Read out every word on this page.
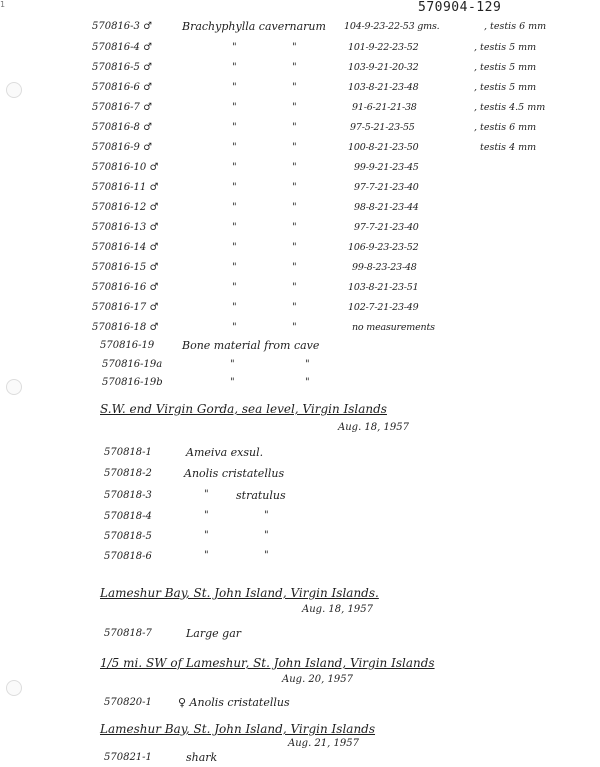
1	570904-129
570816-3 ♂	Brachyphylla cavernarum 104-9-23-22-53 gms.	, testis 6 mm
570816-4 ♂	"	"	101-9-22-23-52	, testis 5 mm
570816-5 ♂	"	"	103-9-21-20-32	, testis 5 mm
570816-6 ♂	"	"	103-8-21-23-48	, testis 5 mm
570816-7 ♂	"	"	91-6-21-21-38	, testis 4.5 mm
570816-8 ♂	"	"	97-5-21-23-55	, testis 6 mm
570816-9 ♂	"	"	100-8-21-23-50	testis 4 mm
570816-10 ♂	"	"	99-9-21-23-45
570816-11 ♂	"	"	97-7-21-23-40
570816-12 ♂	"	"	98-8-21-23-44
570816-13 ♂	"	"	97-7-21-23-40
570816-14 ♂	"	"	106-9-23-23-52
570816-15 ♂	"	"	99-8-23-23-48
570816-16 ♂	"	"	103-8-21-23-51
570816-17 ♂	"	"	102-7-21-23-49
570816-18 ♂	"	"	no measurements
570816-19	Bone material from cave
570816-19a	"	"
570816-19b	"	"
S.W. end Virgin Gorda, sea level, Virgin Islands
Aug. 18, 1957
570818-1	Ameiva exsul.
570818-2	Anolis cristatellus
570818-3	" stratulus
570818-4	"	"
570818-5	"	"
570818-6	"	"
Lameshur Bay, St. John Island, Virgin Islands.
Aug. 18, 1957
570818-7	Large gar
1/5 mi. SW of Lameshur, St. John Island, Virgin Islands
Aug. 20, 1957
570820-1 ♀ Anolis cristatellus
Lameshur Bay, St. John Island, Virgin Islands
Aug. 21, 1957
570821-1	shark
